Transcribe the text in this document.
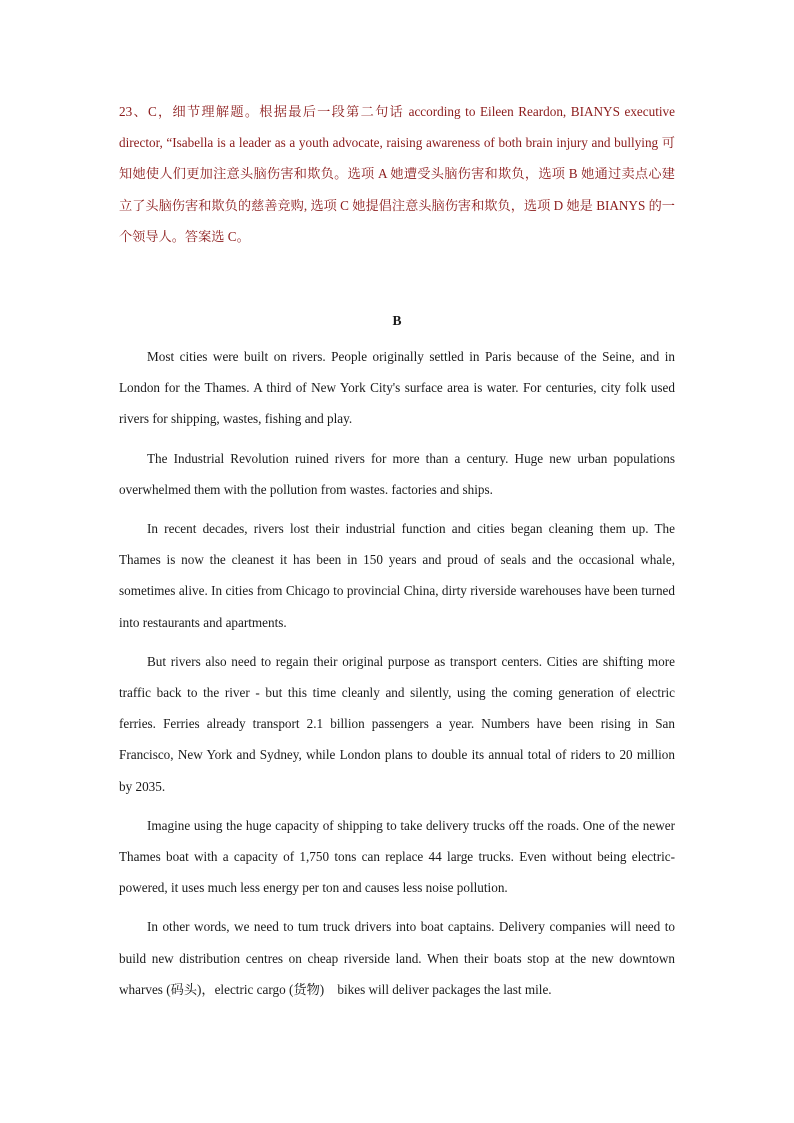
23、C，细节理解题。根据最后一段第二句话 according to Eileen Reardon, BIANYS executive director, “Isabella is a leader as a youth advocate, raising awareness of both brain injury and bullying 可知她使人们更加注意头脑伤害和欺负。选项 A 她遭受头脑伤害和欺负，选项 B 她通过卖点心建立了头脑伤害和欺负的慈善竞购, 选项 C 她提倡注意头脑伤害和欺负，选项 D 她是 BIANYS 的一个领导人。答案选 C。

B

Most cities were built on rivers. People originally settled in Paris because of the Seine, and in London for the Thames. A third of New York City's surface area is water. For centuries, city folk used rivers for shipping, wastes, fishing and play.

The Industrial Revolution ruined rivers for more than a century. Huge new urban populations overwhelmed them with the pollution from wastes. factories and ships.

In recent decades, rivers lost their industrial function and cities began cleaning them up. The Thames is now the cleanest it has been in 150 years and proud of seals and the occasional whale, sometimes alive. In cities from Chicago to provincial China, dirty riverside warehouses have been turned into restaurants and apartments.

But rivers also need to regain their original purpose as transport centers. Cities are shifting more traffic back to the river - but this time cleanly and silently, using the coming generation of electric ferries. Ferries already transport 2.1 billion passengers a year. Numbers have been rising in San Francisco, New York and Sydney, while London plans to double its annual total of riders to 20 million by 2035.

Imagine using the huge capacity of shipping to take delivery trucks off the roads. One of the newer Thames boat with a capacity of 1,750 tons can replace 44 large trucks. Even without being electric-powered, it uses much less energy per ton and causes less noise pollution.

In other words, we need to tum truck drivers into boat captains. Delivery companies will need to build new distribution centres on cheap riverside land. When their boats stop at the new downtown wharves (码头)，electric cargo (货物)　bikes will deliver packages the last mile.
